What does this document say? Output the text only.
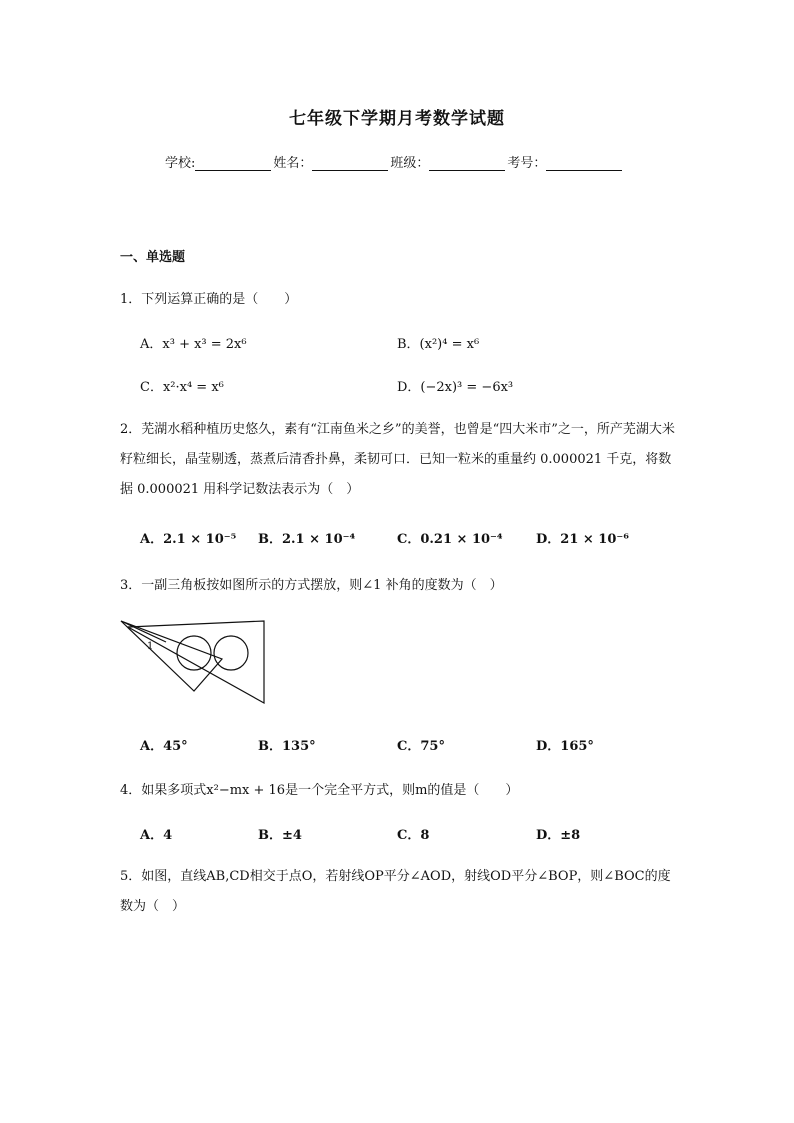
七年级下学期月考数学试题
学校:	姓名：	班级：	考号：
一、单选题
1．下列运算正确的是（　　）
A．x³ + x³ = 2x⁶	B．(x²)⁴ = x⁶
C．x²·x⁴ = x⁶	D．(−2x)³ = −6x³
2．芜湖水稻种植历史悠久，素有“江南鱼米之乡”的美誉，也曾是“四大米市”之一，所产芜湖大米籽粒细长，晶莹剔透，蒸煮后清香扑鼻，柔韧可口．已知一粒米的重量约 0.000021 千克，将数据 0.000021 用科学记数法表示为（　）
A．2.1 × 10⁻⁵ B．2.1 × 10⁻⁴	C．0.21 × 10⁻⁴	D．21 × 10⁻⁶
3．一副三角板按如图所示的方式摆放，则∠1 补角的度数为（　）
1
A．45°	B．135°	C．75°	D．165°
4．如果多项式x²−mx + 16是一个完全平方式，则m的值是（　　）
A．4	B．±4	C．8	D．±8
5．如图，直线AB,CD相交于点O，若射线OP平分∠AOD，射线OD平分∠BOP，则∠BOC的度数为（　）
